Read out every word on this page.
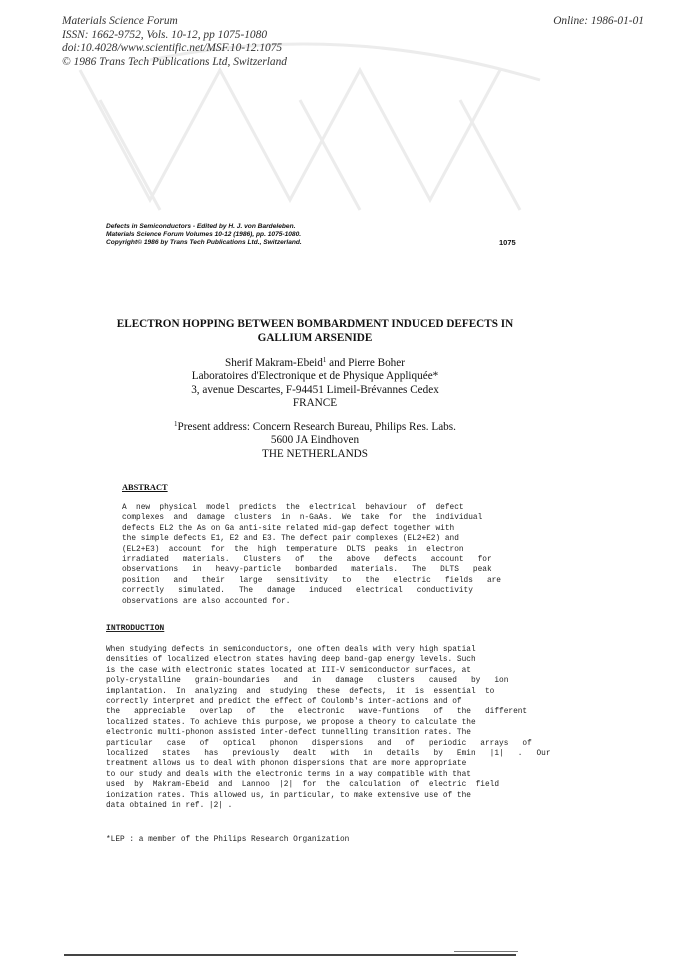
Materials Science Forum
ISSN: 1662-9752, Vols. 10-12, pp 1075-1080
doi:10.4028/www.scientific.net/MSF.10-12.1075
© 1986 Trans Tech Publications Ltd, Switzerland
Online: 1986-01-01
Defects in Semiconductors - Edited by H. J. von Bardeleben.
Materials Science Forum Volumes 10-12 (1986), pp. 1075-1080.
Copyright© 1986 by Trans Tech Publications Ltd., Switzerland.	1075
ELECTRON HOPPING BETWEEN BOMBARDMENT INDUCED DEFECTS IN
GALLIUM ARSENIDE
Sherif Makram-Ebeid$^1$ and Pierre Boher
Laboratoires d'Electronique et de Physique Appliquée*
3, avenue Descartes, F-94451 Limeil-Brévannes Cedex
FRANCE
$^1$Present address: Concern Research Bureau, Philips Res. Labs.
5600 JA Eindhoven
THE NETHERLANDS
ABSTRACT
A  new  physical  model  predicts  the  electrical  behaviour  of  defect
complexes  and  damage  clusters  in  n-GaAs.  We  take  for  the  individual
defects EL2 the As on Ga anti-site related mid-gap defect together with
the simple defects E1, E2 and E3. The defect pair complexes (EL2+E2) and
(EL2+E3)  account  for  the  high  temperature  DLTS  peaks  in  electron
irradiated   materials.   Clusters   of   the   above   defects   account   for
observations   in   heavy-particle   bombarded   materials.   The   DLTS   peak
position   and   their   large   sensitivity   to   the   electric   fields   are
correctly   simulated.   The   damage   induced   electrical   conductivity
observations are also accounted for.
INTRODUCTION
When studying defects in semiconductors, one often deals with very high spatial
densities of localized electron states having deep band-gap energy levels. Such
is the case with electronic states located at III-V semiconductor surfaces, at
poly-crystalline   grain-boundaries   and   in   damage   clusters   caused   by   ion
implantation.  In  analyzing  and  studying  these  defects,  it  is  essential  to
correctly interpret and predict the effect of Coulomb's inter-actions and of
the   appreciable   overlap   of   the   electronic   wave-funtions   of   the   different
localized states. To achieve this purpose, we propose a theory to calculate the
electronic multi-phonon assisted inter-defect tunnelling transition rates. The
particular   case   of   optical   phonon   dispersions   and   of   periodic   arrays   of
localized   states   has   previously   dealt   with   in   details   by   Emin   |1|   .   Our
treatment allows us to deal with phonon dispersions that are more appropriate
to our study and deals with the electronic terms in a way compatible with that
used  by  Makram-Ebeid  and  Lannoo  |2|  for  the  calculation  of  electric  field
ionization rates. This allowed us, in particular, to make extensive use of the
data obtained in ref. |2| .
*LEP : a member of the Philips Research Organization
